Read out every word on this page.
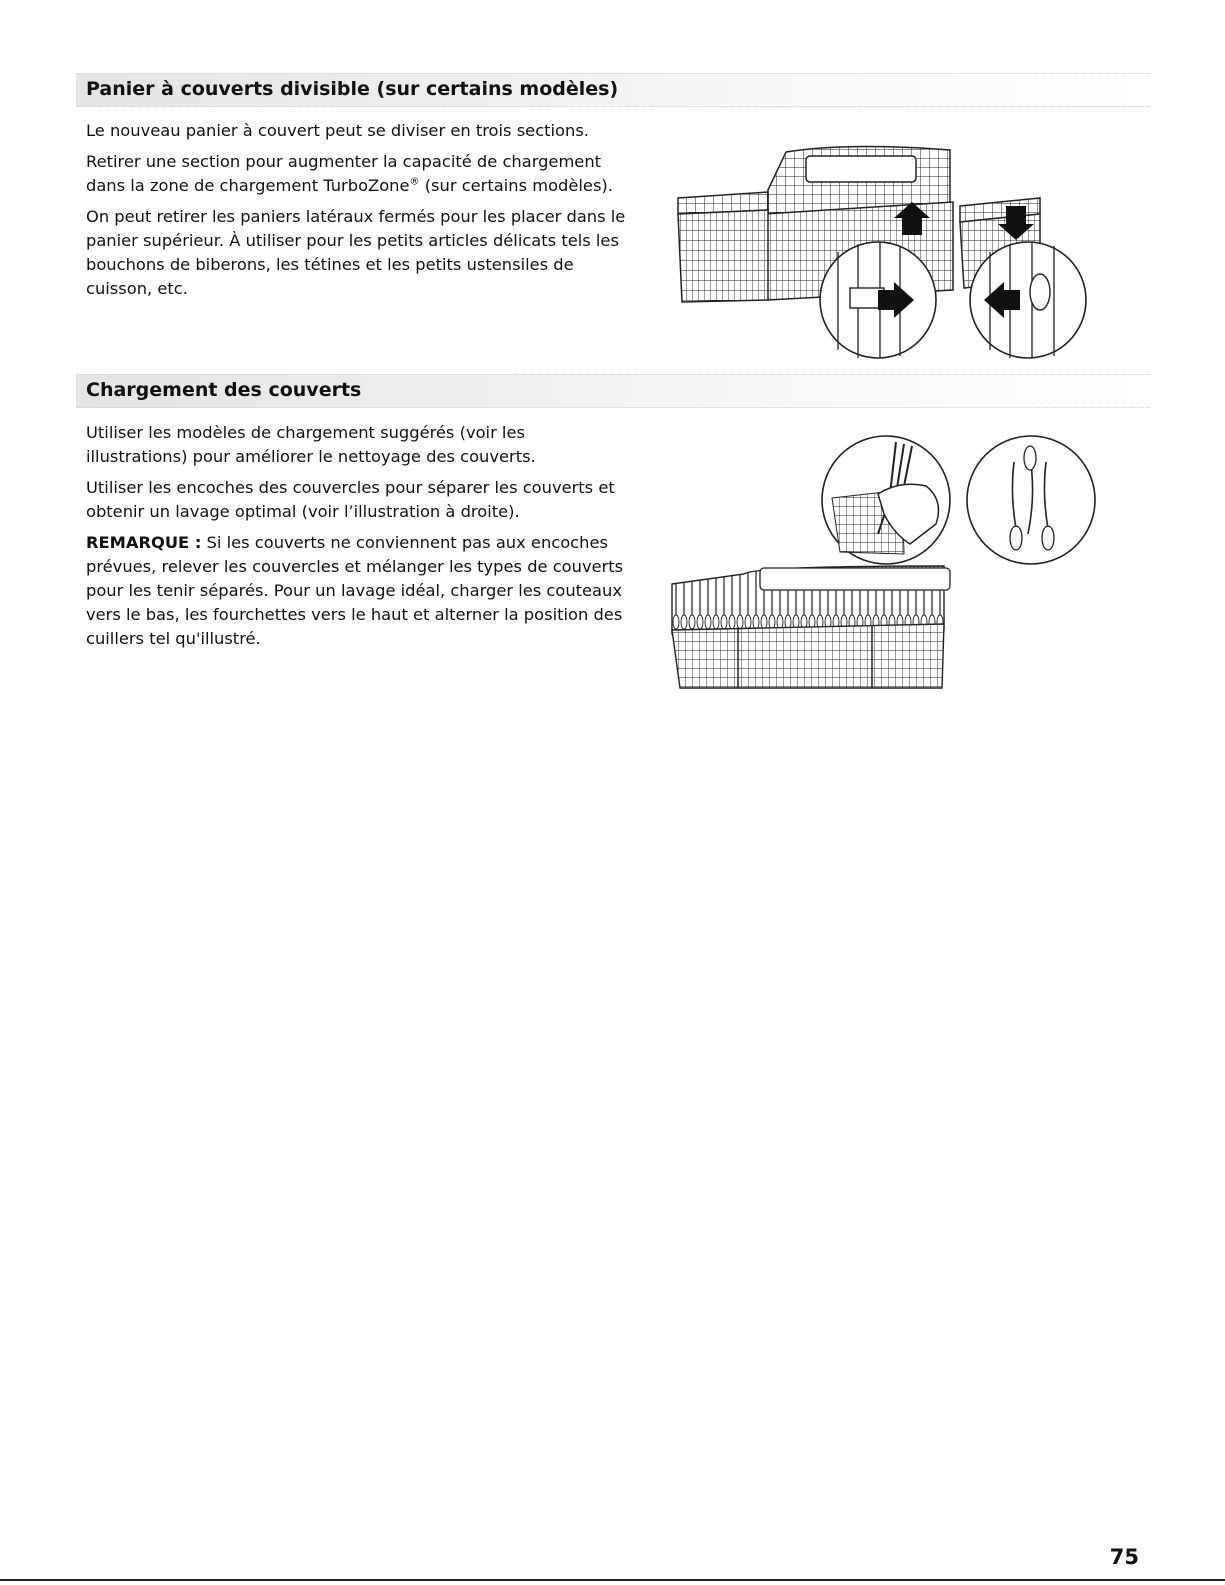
Panier à couverts divisible (sur certains modèles)

Le nouveau panier à couvert peut se diviser en trois sections.

Retirer une section pour augmenter la capacité de chargement dans la zone de chargement TurboZone® (sur certains modèles).

On peut retirer les paniers latéraux fermés pour les placer dans le panier supérieur. À utiliser pour les petits articles délicats tels les bouchons de biberons, les tétines et les petits ustensiles de cuisson, etc.

Chargement des couverts

Utiliser les modèles de chargement suggérés (voir les illustrations) pour améliorer le nettoyage des couverts.

Utiliser les encoches des couvercles pour séparer les couverts et obtenir un lavage optimal (voir l’illustration à droite).

REMARQUE : Si les couverts ne conviennent pas aux encoches prévues, relever les couvercles et mélanger les types de couverts pour les tenir séparés. Pour un lavage idéal, charger les couteaux vers le bas, les fourchettes vers le haut et alterner la position des cuillers tel qu'illustré.

75
